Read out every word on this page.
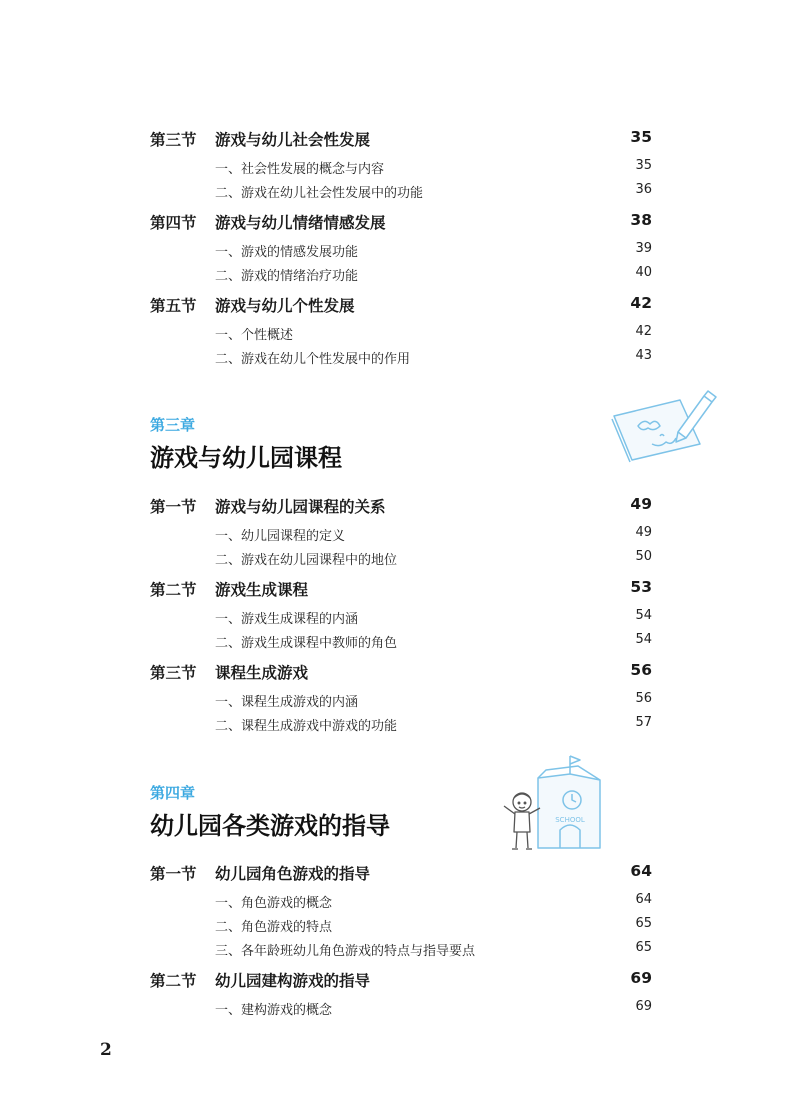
第三节 游戏与幼儿社会性发展	35
一、社会性发展的概念与内容	35
二、游戏在幼儿社会性发展中的功能	36
第四节 游戏与幼儿情绪情感发展	38
一、游戏的情感发展功能	39
二、游戏的情绪治疗功能	40
第五节 游戏与幼儿个性发展	42
一、个性概述	42
二、游戏在幼儿个性发展中的作用	43
第三章
游戏与幼儿园课程
第一节 游戏与幼儿园课程的关系	49
一、幼儿园课程的定义	49
二、游戏在幼儿园课程中的地位	50
第二节 游戏生成课程	53
一、游戏生成课程的内涵	54
二、游戏生成课程中教师的角色	54
第三节 课程生成游戏	56
一、课程生成游戏的内涵	56
二、课程生成游戏中游戏的功能	57
第四章
幼儿园各类游戏的指导	SCHOOL
第一节 幼儿园角色游戏的指导	64
一、角色游戏的概念	64
二、角色游戏的特点	65
三、各年龄班幼儿角色游戏的特点与指导要点	65
第二节 幼儿园建构游戏的指导	69
一、建构游戏的概念	69
2
